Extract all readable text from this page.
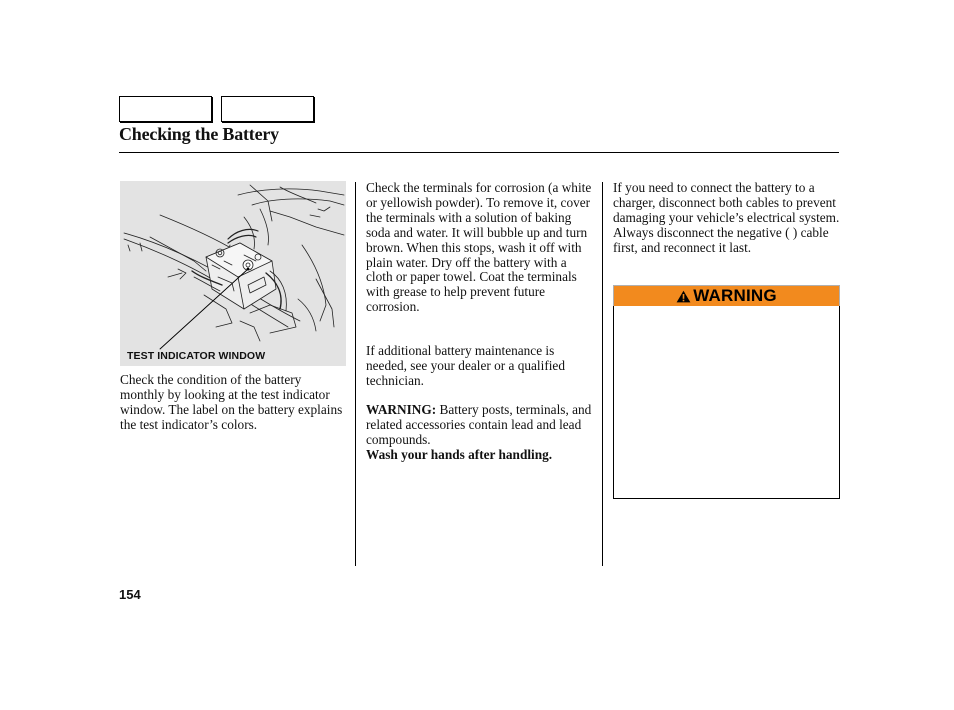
Checking the Battery
TEST INDICATOR WINDOW

Check the condition of the battery monthly by looking at the test indicator window. The label on the battery explains the test indicator’s colors.

Check the terminals for corrosion (a white or yellowish powder). To remove it, cover the terminals with a solution of baking soda and water. It will bubble up and turn brown. When this stops, wash it off with plain water. Dry off the battery with a cloth or paper towel. Coat the terminals with grease to help prevent future corrosion.

If additional battery maintenance is needed, see your dealer or a qualified technician.

WARNING: Battery posts, terminals, and related accessories contain lead and lead compounds.
Wash your hands after handling.

If you need to connect the battery to a charger, disconnect both cables to prevent damaging your vehicle’s electrical system. Always disconnect the negative ( ) cable first, and reconnect it last.

WARNING
154
